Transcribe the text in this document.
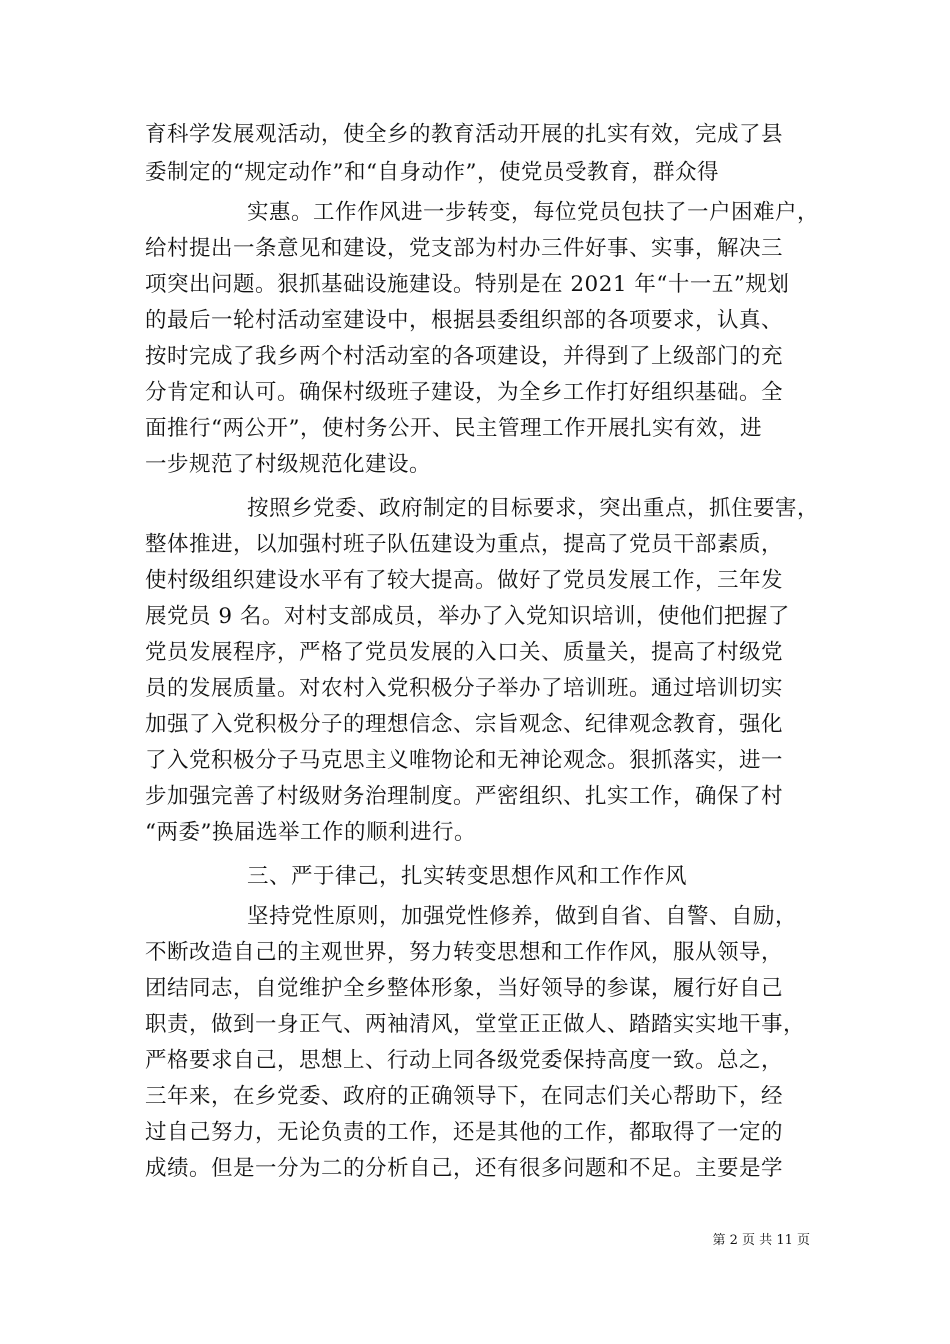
育科学发展观活动，使全乡的教育活动开展的扎实有效，完成了县
委制定的“规定动作”和“自身动作”，使党员受教育，群众得
实惠。工作作风进一步转变，每位党员包扶了一户困难户，
给村提出一条意见和建设，党支部为村办三件好事、实事，解决三
项突出问题。狠抓基础设施建设。特别是在 2021 年“十一五”规划
的最后一轮村活动室建设中，根据县委组织部的各项要求，认真、
按时完成了我乡两个村活动室的各项建设，并得到了上级部门的充
分肯定和认可。确保村级班子建设，为全乡工作打好组织基础。全
面推行“两公开”，使村务公开、民主管理工作开展扎实有效，进
一步规范了村级规范化建设。
按照乡党委、政府制定的目标要求，突出重点，抓住要害，
整体推进，以加强村班子队伍建设为重点，提高了党员干部素质，
使村级组织建设水平有了较大提高。做好了党员发展工作，三年发
展党员 9 名。对村支部成员，举办了入党知识培训，使他们把握了
党员发展程序，严格了党员发展的入口关、质量关，提高了村级党
员的发展质量。对农村入党积极分子举办了培训班。通过培训切实
加强了入党积极分子的理想信念、宗旨观念、纪律观念教育，强化
了入党积极分子马克思主义唯物论和无神论观念。狠抓落实，进一
步加强完善了村级财务治理制度。严密组织、扎实工作，确保了村
“两委”换届选举工作的顺利进行。
三、严于律己，扎实转变思想作风和工作作风
坚持党性原则，加强党性修养，做到自省、自警、自励，
不断改造自己的主观世界，努力转变思想和工作作风，服从领导，
团结同志，自觉维护全乡整体形象，当好领导的参谋，履行好自己
职责，做到一身正气、两袖清风，堂堂正正做人、踏踏实实地干事，
严格要求自己，思想上、行动上同各级党委保持高度一致。总之，
三年来，在乡党委、政府的正确领导下，在同志们关心帮助下，经
过自己努力，无论负责的工作，还是其他的工作，都取得了一定的
成绩。但是一分为二的分析自己，还有很多问题和不足。主要是学
第 2 页 共 11 页
